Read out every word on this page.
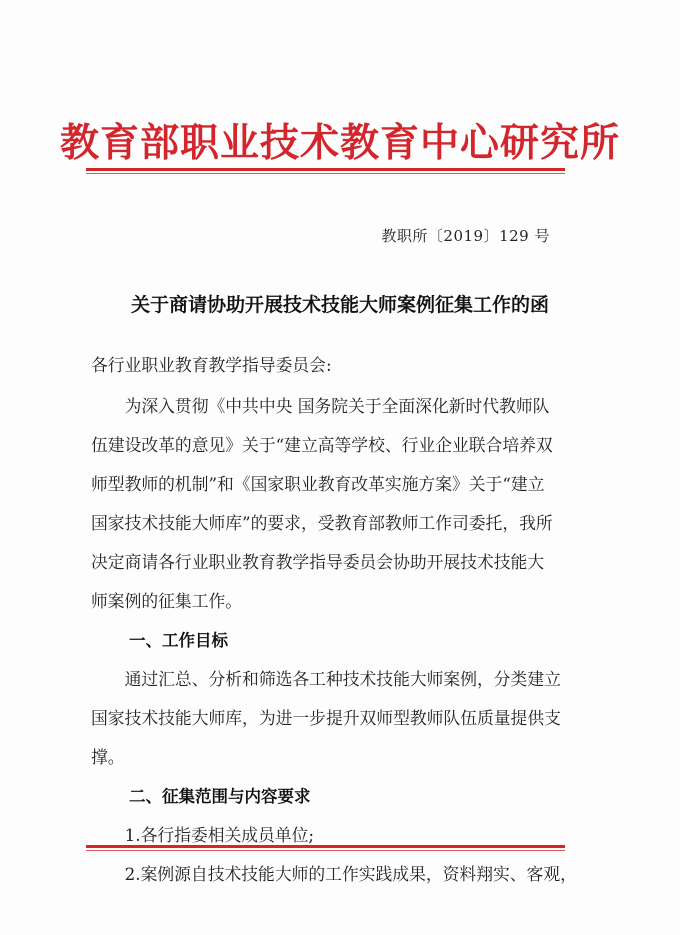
教育部职业技术教育中心研究所
教职所〔2019〕129 号
关于商请协助开展技术技能大师案例征集工作的函
各行业职业教育教学指导委员会:
　　为深入贯彻《中共中央 国务院关于全面深化新时代教师队
伍建设改革的意见》关于“建立高等学校、行业企业联合培养双
师型教师的机制”和《国家职业教育改革实施方案》关于“建立
国家技术技能大师库”的要求，受教育部教师工作司委托，我所
决定商请各行业职业教育教学指导委员会协助开展技术技能大
师案例的征集工作。
一、工作目标
　　通过汇总、分析和筛选各工种技术技能大师案例，分类建立
国家技术技能大师库，为进一步提升双师型教师队伍质量提供支
撑。
二、征集范围与内容要求
　　1.各行指委相关成员单位;
　　2.案例源自技术技能大师的工作实践成果，资料翔实、客观，
